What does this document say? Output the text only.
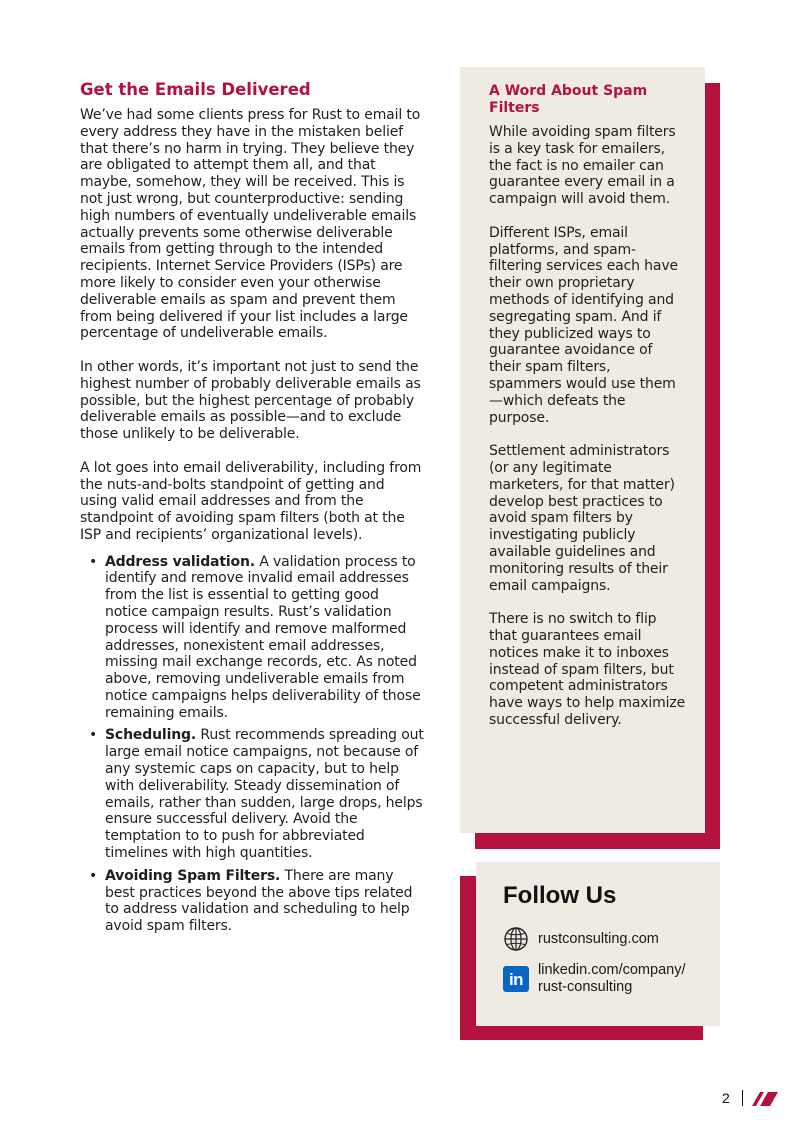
Get the Emails Delivered

We’ve had some clients press for Rust to email to every address they have in the mistaken belief that there’s no harm in trying. They believe they are obligated to attempt them all, and that maybe, somehow, they will be received. This is not just wrong, but counterproductive: sending high numbers of eventually undeliverable emails actually prevents some otherwise deliverable emails from getting through to the intended recipients. Internet Service Providers (ISPs) are more likely to consider even your otherwise deliverable emails as spam and prevent them from being delivered if your list includes a large percentage of undeliverable emails.

In other words, it’s important not just to send the highest number of probably deliverable emails as possible, but the highest percentage of probably deliverable emails as possible—and to exclude those unlikely to be deliverable.

A lot goes into email deliverability, including from the nuts-and-bolts standpoint of getting and using valid email addresses and from the standpoint of avoiding spam filters (both at the ISP and recipients’ organizational levels).

• Address validation. A validation process to identify and remove invalid email addresses from the list is essential to getting good notice campaign results. Rust’s validation process will identify and remove malformed addresses, nonexistent email addresses, missing mail exchange records, etc. As noted above, removing undeliverable emails from notice campaigns helps deliverability of those remaining emails.
• Scheduling. Rust recommends spreading out large email notice campaigns, not because of any systemic caps on capacity, but to help with deliverability. Steady dissemination of emails, rather than sudden, large drops, helps ensure successful delivery. Avoid the temptation to to push for abbreviated timelines with high quantities.
• Avoiding Spam Filters. There are many best practices beyond the above tips related to address validation and scheduling to help avoid spam filters.
A Word About Spam Filters

While avoiding spam filters is a key task for emailers, the fact is no emailer can guarantee every email in a campaign will avoid them.

Different ISPs, email platforms, and spam-filtering services each have their own proprietary methods of identifying and segregating spam. And if they publicized ways to guarantee avoidance of their spam filters, spammers would use them—which defeats the purpose.

Settlement administrators (or any legitimate marketers, for that matter) develop best practices to avoid spam filters by investigating publicly available guidelines and monitoring results of their email campaigns.

There is no switch to flip that guarantees email notices make it to inboxes instead of spam filters, but competent administrators have ways to help maximize successful delivery.

Follow Us
rustconsulting.com
in	linkedin.com/company/
rust-consulting
2
